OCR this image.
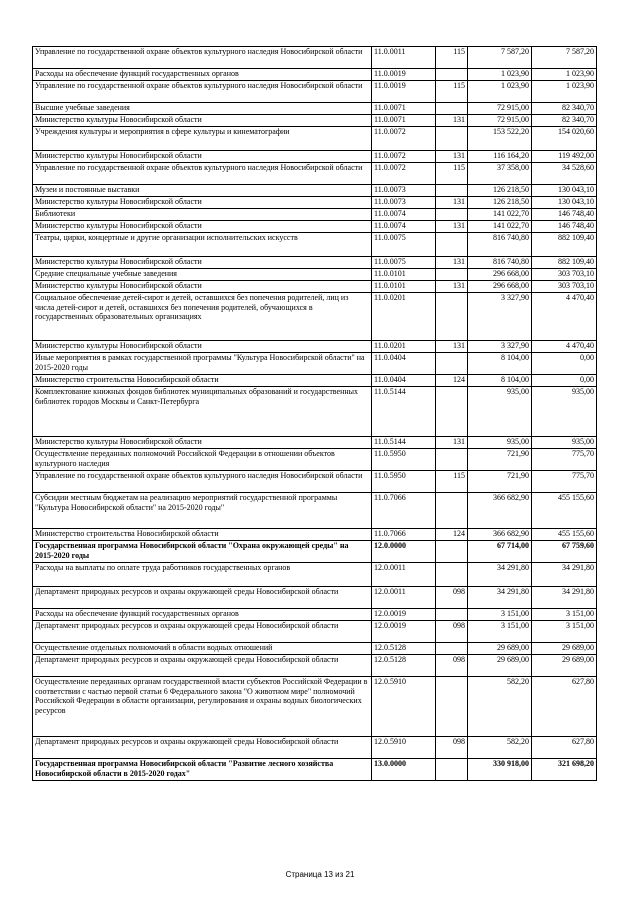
Управление по государственной охране объектов культурного наследия Новосибирской области	11.0.0011	115	7 587,20	7 587,20
Расходы на обеспечение функций государственных органов	11.0.0019		1 023,90	1 023,90
Управление по государственной охране объектов культурного наследия Новосибирской области	11.0.0019	115	1 023,90	1 023,90
Высшие учебные заведения	11.0.0071		72 915,00	82 340,70
Министерство культуры Новосибирской области	11.0.0071	131	72 915,00	82 340,70
Учреждения культуры и мероприятия в сфере культуры и кинематографии	11.0.0072		153 522,20	154 020,60
Министерство культуры Новосибирской области	11.0.0072	131	116 164,20	119 492,00
Управление по государственной охране объектов культурного наследия Новосибирской области	11.0.0072	115	37 358,00	34 528,60
Музеи и постоянные выставки	11.0.0073		126 218,50	130 043,10
Министерство культуры Новосибирской области	11.0.0073	131	126 218,50	130 043,10
Библиотеки	11.0.0074		141 022,70	146 748,40
Министерство культуры Новосибирской области	11.0.0074	131	141 022,70	146 748,40
Театры, цирки, концертные и другие организации исполнительских искусств	11.0.0075		816 740,80	882 109,40
Министерство культуры Новосибирской области	11.0.0075	131	816 740,80	882 109,40
Средние специальные учебные заведения	11.0.0101		296 668,00	303 703,10
Министерство культуры Новосибирской области	11.0.0101	131	296 668,00	303 703,10
Социальное обеспечение детей-сирот и детей, оставшихся без попечения родителей, лиц из числа детей-сирот и детей, оставшихся без попечения родителей, обучающихся в государственных образовательных организациях	11.0.0201		3 327,90	4 470,40
Министерство культуры Новосибирской области	11.0.0201	131	3 327,90	4 470,40
Иные мероприятия в рамках государственной программы "Культура Новосибирской области" на 2015-2020 годы	11.0.0404		8 104,00	0,00
Министерство строительства Новосибирской области	11.0.0404	124	8 104,00	0,00
Комплектование книжных фондов библиотек муниципальных образований и государственных библиотек городов Москвы и Санкт-Петербурга	11.0.5144		935,00	935,00
Министерство культуры Новосибирской области	11.0.5144	131	935,00	935,00
Осуществление переданных полномочий Российской Федерации в отношении объектов культурного наследия	11.0.5950		721,90	775,70
Управление по государственной охране объектов культурного наследия Новосибирской области	11.0.5950	115	721,90	775,70
Субсидии местным бюджетам на реализацию мероприятий государственной программы "Культура Новосибирской области" на 2015-2020 годы"	11.0.7066		366 682,90	455 155,60
Министерство строительства Новосибирской области	11.0.7066	124	366 682,90	455 155,60
Государственная программа Новосибирской области "Охрана окружающей среды" на 2015-2020 годы	12.0.0000		67 714,00	67 759,60
Расходы на выплаты по оплате труда работников государственных органов	12.0.0011		34 291,80	34 291,80
Департамент природных ресурсов и охраны окружающей среды Новосибирской области	12.0.0011	098	34 291,80	34 291,80
Расходы на обеспечение функций государственных органов	12.0.0019		3 151,00	3 151,00
Департамент природных ресурсов и охраны окружающей среды Новосибирской области	12.0.0019	098	3 151,00	3 151,00
Осуществление отдельных полномочий в области водных отношений	12.0.5128		29 689,00	29 689,00
Департамент природных ресурсов и охраны окружающей среды Новосибирской области	12.0.5128	098	29 689,00	29 689,00
Осуществление переданных органам государственной власти субъектов Российской Федерации в соответствии с частью первой статьи 6 Федерального закона "О животном мире" полномочий Российской Федерации в области организации, регулирования и охраны водных биологических ресурсов	12.0.5910		582,20	627,80
Департамент природных ресурсов и охраны окружающей среды Новосибирской области	12.0.5910	098	582,20	627,80
Государственная программа Новосибирской области "Развитие лесного хозяйства Новосибирской области в 2015-2020 годах"	13.0.0000		330 918,00	321 698,20
Страница 13 из 21
